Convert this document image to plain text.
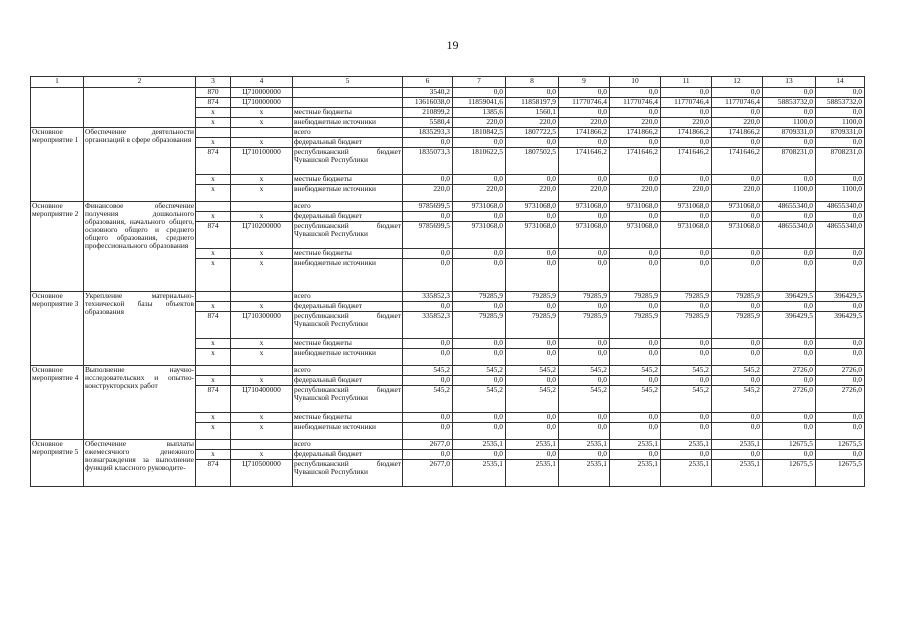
19
1	2	3	4	5	6	7	8	9	10	11	12	13	14
		870	Ц710000000		3540,2	0,0	0,0	0,0	0,0	0,0	0,0	0,0	0,0
		874	Ц710000000		13616038,0	11859041,6	11858197,9	11770746,4	11770746,4	11770746,4	11770746,4	58853732,0	58853732,0
		х	х	местные бюджеты	210899,2	1385,6	1560,1	0,0	0,0	0,0	0,0	0,0	0,0
		х	х	внебюджетные источники	5580,4	220,0	220,0	220,0	220,0	220,0	220,0	1100,0	1100,0
Основное мероприятие 1	Обеспечение деятельности организаций в сфере образования			всего	1835293,3	1810842,5	1807722,5	1741866,2	1741866,2	1741866,2	1741866,2	8709331,0	8709331,0
		х	х	федеральный бюджет	0,0	0,0	0,0	0,0	0,0	0,0	0,0	0,0	0,0
		874	Ц710100000	республиканский бюджет Чувашской Республики	1835073,3	1810622,5	1807502,5	1741646,2	1741646,2	1741646,2	1741646,2	8708231,0	8708231,0
		х	х	местные бюджеты	0,0	0,0	0,0	0,0	0,0	0,0	0,0	0,0	0,0
		х	х	внебюджетные источники	220,0	220,0	220,0	220,0	220,0	220,0	220,0	1100,0	1100,0
Основное мероприятие 2	Финансовое обеспечение получения дошкольного образования, начального общего, основного общего и среднего общего образования, среднего профессионального образования			всего	9785699,5	9731068,0	9731068,0	9731068,0	9731068,0	9731068,0	9731068,0	48655340,0	48655340,0
		х	х	федеральный бюджет	0,0	0,0	0,0	0,0	0,0	0,0	0,0	0,0	0,0
		874	Ц710200000	республиканский бюджет Чувашской Республики	9785699,5	9731068,0	9731068,0	9731068,0	9731068,0	9731068,0	9731068,0	48655340,0	48655340,0
		х	х	местные бюджеты	0,0	0,0	0,0	0,0	0,0	0,0	0,0	0,0	0,0
		х	х	внебюджетные источники	0,0	0,0	0,0	0,0	0,0	0,0	0,0	0,0	0,0
Основное мероприятие 3	Укрепление материально-технической базы объектов образования			всего	335852,3	79285,9	79285,9	79285,9	79285,9	79285,9	79285,9	396429,5	396429,5
		х	х	федеральный бюджет	0,0	0,0	0,0	0,0	0,0	0,0	0,0	0,0	0,0
		874	Ц710300000	республиканский бюджет Чувашской Республики	335852,3	79285,9	79285,9	79285,9	79285,9	79285,9	79285,9	396429,5	396429,5
		х	х	местные бюджеты	0,0	0,0	0,0	0,0	0,0	0,0	0,0	0,0	0,0
		х	х	внебюджетные источники	0,0	0,0	0,0	0,0	0,0	0,0	0,0	0,0	0,0
Основное мероприятие 4	Выполнение научно-исследовательских и опытно-конструкторских работ			всего	545,2	545,2	545,2	545,2	545,2	545,2	545,2	2726,0	2726,0
		х	х	федеральный бюджет	0,0	0,0	0,0	0,0	0,0	0,0	0,0	0,0	0,0
		874	Ц710400000	республиканский бюджет Чувашской Республики	545,2	545,2	545,2	545,2	545,2	545,2	545,2	2726,0	2726,0
		х	х	местные бюджеты	0,0	0,0	0,0	0,0	0,0	0,0	0,0	0,0	0,0
		х	х	внебюджетные источники	0,0	0,0	0,0	0,0	0,0	0,0	0,0	0,0	0,0
Основное мероприятие 5	Обеспечение выплаты ежемесячного денежного вознаграждения за выполнение функций классного руководите-			всего	2677,0	2535,1	2535,1	2535,1	2535,1	2535,1	2535,1	12675,5	12675,5
		х	х	федеральный бюджет	0,0	0,0	0,0	0,0	0,0	0,0	0,0	0,0	0,0
		874	Ц710500000	республиканский бюджет Чувашской Республики	2677,0	2535,1	2535,1	2535,1	2535,1	2535,1	2535,1	12675,5	12675,5
